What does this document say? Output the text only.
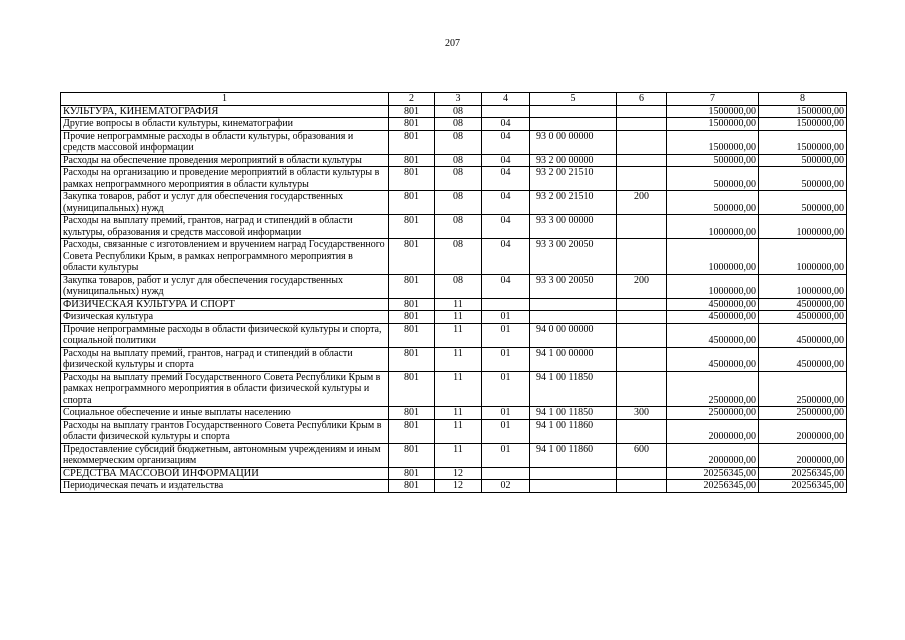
207
1	2	3	4	5	6	7	8
КУЛЬТУРА, КИНЕМАТОГРАФИЯ	801	08				1500000,00	1500000,00
Другие вопросы в области культуры, кинематографии	801	08	04			1500000,00	1500000,00
Прочие непрограммные расходы в области культуры, образования и средств массовой информации	801	08	04	93 0 00 00000		1500000,00	1500000,00
Расходы на обеспечение проведения мероприятий в области культуры	801	08	04	93 2 00 00000		500000,00	500000,00
Расходы на организацию и проведение мероприятий в области культуры в рамках непрограммного мероприятия в области культуры	801	08	04	93 2 00 21510		500000,00	500000,00
Закупка товаров, работ и услуг для обеспечения государственных (муниципальных) нужд	801	08	04	93 2 00 21510	200	500000,00	500000,00
Расходы на выплату премий, грантов, наград и стипендий в области культуры, образования и средств массовой информации	801	08	04	93 3 00 00000		1000000,00	1000000,00
Расходы, связанные с изготовлением и вручением наград Государственного Совета Республики Крым, в рамках непрограммного мероприятия в области культуры	801	08	04	93 3 00 20050		1000000,00	1000000,00
Закупка товаров, работ и услуг для обеспечения государственных (муниципальных) нужд	801	08	04	93 3 00 20050	200	1000000,00	1000000,00
ФИЗИЧЕСКАЯ КУЛЬТУРА И СПОРТ	801	11				4500000,00	4500000,00
Физическая культура	801	11	01			4500000,00	4500000,00
Прочие непрограммные расходы в области физической культуры и спорта, социальной политики	801	11	01	94 0 00 00000		4500000,00	4500000,00
Расходы на выплату премий, грантов, наград и стипендий в области физической культуры и спорта	801	11	01	94 1 00 00000		4500000,00	4500000,00
Расходы на выплату премий Государственного Совета Республики Крым в рамках непрограммного мероприятия в области физической культуры и спорта	801	11	01	94 1 00 11850		2500000,00	2500000,00
Социальное обеспечение и иные выплаты населению	801	11	01	94 1 00 11850	300	2500000,00	2500000,00
Расходы на выплату грантов Государственного Совета Республики Крым в области физической культуры и спорта	801	11	01	94 1 00 11860		2000000,00	2000000,00
Предоставление субсидий бюджетным, автономным учреждениям и иным некоммерческим организациям	801	11	01	94 1 00 11860	600	2000000,00	2000000,00
СРЕДСТВА МАССОВОЙ ИНФОРМАЦИИ	801	12				20256345,00	20256345,00
Периодическая печать и издательства	801	12	02			20256345,00	20256345,00
